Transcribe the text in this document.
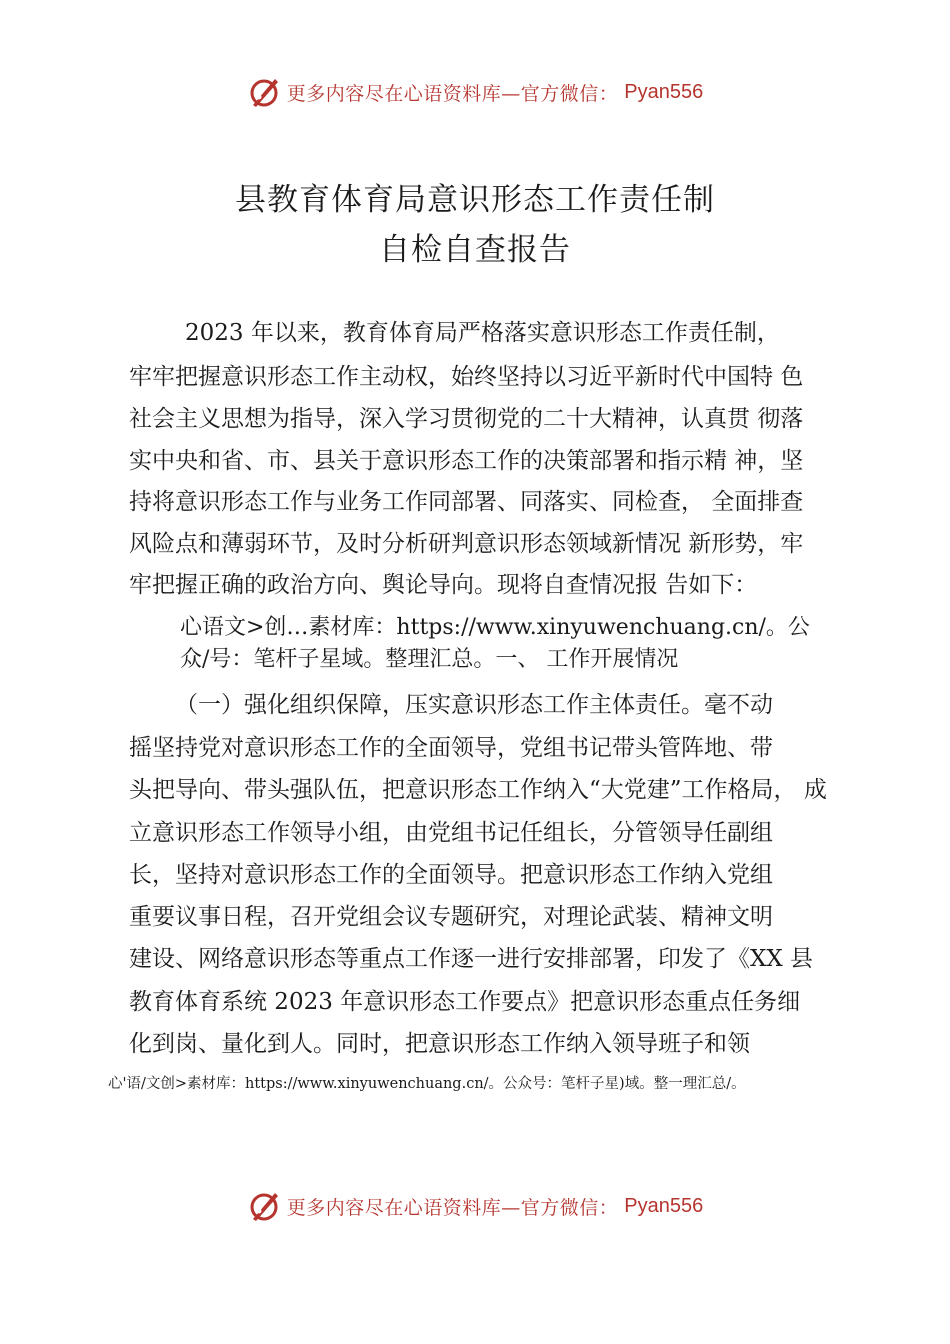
更多内容尽在心语资料库—官方微信： Pyan556
县教育体育局意识形态工作责任制
自检自查报告
2023 年以来，教育体育局严格落实意识形态工作责任制，
牢牢把握意识形态工作主动权，始终坚持以习近平新时代中国特 色
社会主义思想为指导，深入学习贯彻党的二十大精神，认真贯 彻落
实中央和省、市、县关于意识形态工作的决策部署和指示精 神，坚
持将意识形态工作与业务工作同部署、同落实、同检查， 全面排查
风险点和薄弱环节，及时分析研判意识形态领域新情况 新形势，牢
牢把握正确的政治方向、舆论导向。现将自查情况报 告如下：
心语文>创…素材库：https://www.xinyuwenchuang.cn/。公
众/号：笔杆子星域。整理汇总。一、 工作开展情况
（一）强化组织保障，压实意识形态工作主体责任。毫不动
摇坚持党对意识形态工作的全面领导，党组书记带头管阵地、带
头把导向、带头强队伍，把意识形态工作纳入“大党建”工作格局， 成
立意识形态工作领导小组，由党组书记任组长，分管领导任副组
长，坚持对意识形态工作的全面领导。把意识形态工作纳入党组
重要议事日程，召开党组会议专题研究，对理论武装、精神文明
建设、网络意识形态等重点工作逐一进行安排部署，印发了《XX 县
教育体育系统 2023 年意识形态工作要点》把意识形态重点任务细
化到岗、量化到人。同时，把意识形态工作纳入领导班子和领
心'语/文创>素材库：https://www.xinyuwenchuang.cn/。公众号：笔杆子星)域。整一理汇总/。
更多内容尽在心语资料库—官方微信： Pyan556
